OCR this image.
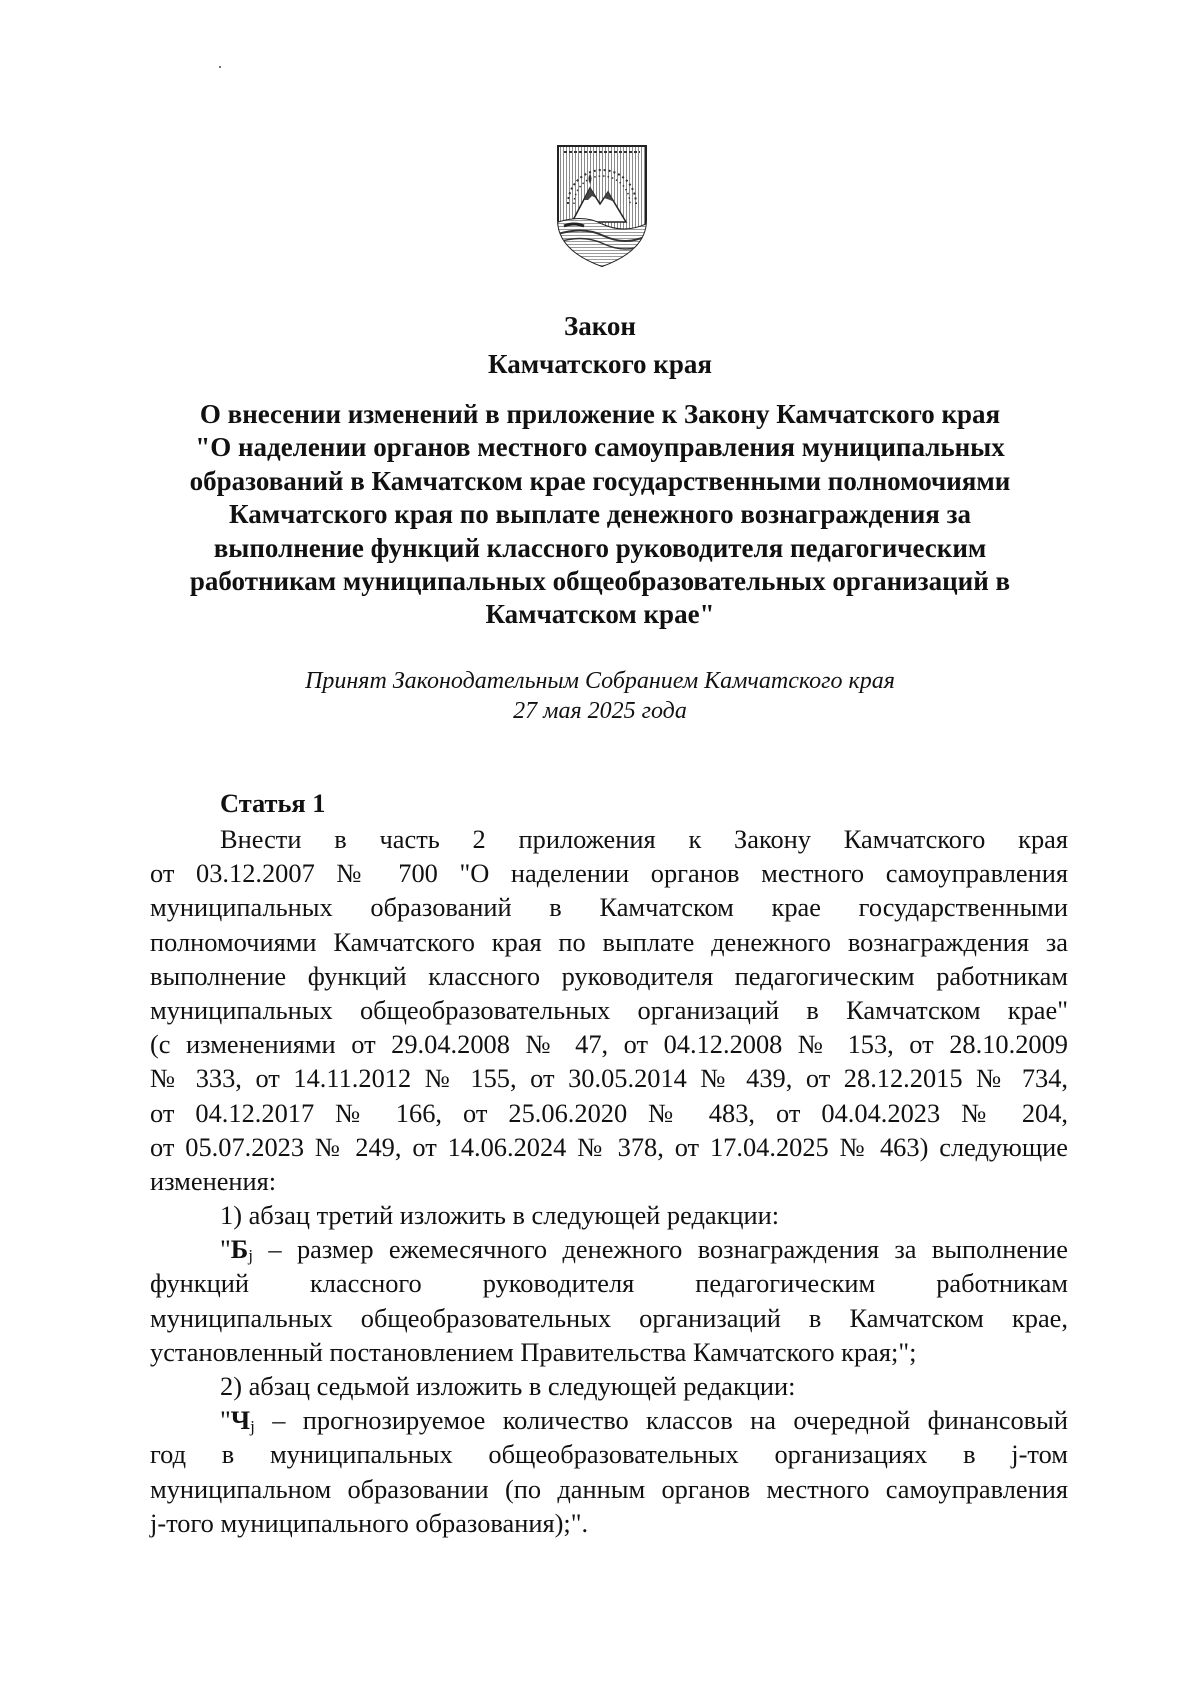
Закон
Камчатского края
О внесении изменений в приложение к Закону Камчатского края
"О наделении органов местного самоуправления муниципальных
образований в Камчатском крае государственными полномочиями
Камчатского края по выплате денежного вознаграждения за
выполнение функций классного руководителя педагогическим
работникам муниципальных общеобразовательных организаций в
Камчатском крае"
Принят Законодательным Собранием Камчатского края
27 мая 2025 года
Статья 1
Внести в часть 2 приложения к Закону Камчатского края
от 03.12.2007 № 700 "О наделении органов местного самоуправления
муниципальных образований в Камчатском крае государственными
полномочиями Камчатского края по выплате денежного вознаграждения за
выполнение функций классного руководителя педагогическим работникам
муниципальных общеобразовательных организаций в Камчатском крае"
(с изменениями от 29.04.2008 № 47, от 04.12.2008 № 153, от 28.10.2009
№ 333, от 14.11.2012 № 155, от 30.05.2014 № 439, от 28.12.2015 № 734,
от 04.12.2017 № 166, от 25.06.2020 № 483, от 04.04.2023 № 204,
от 05.07.2023 № 249, от 14.06.2024 № 378, от 17.04.2025 № 463) следующие
изменения:
1) абзац третий изложить в следующей редакции:
"$Б_j$ – размер ежемесячного денежного вознаграждения за выполнение
функций классного руководителя педагогическим работникам
муниципальных общеобразовательных организаций в Камчатском крае,
установленный постановлением Правительства Камчатского края;";
2) абзац седьмой изложить в следующей редакции:
"$Ч_j$ – прогнозируемое количество классов на очередной финансовый
год в муниципальных общеобразовательных организациях в j-том
муниципальном образовании (по данным органов местного самоуправления
j-того муниципального образования);".
